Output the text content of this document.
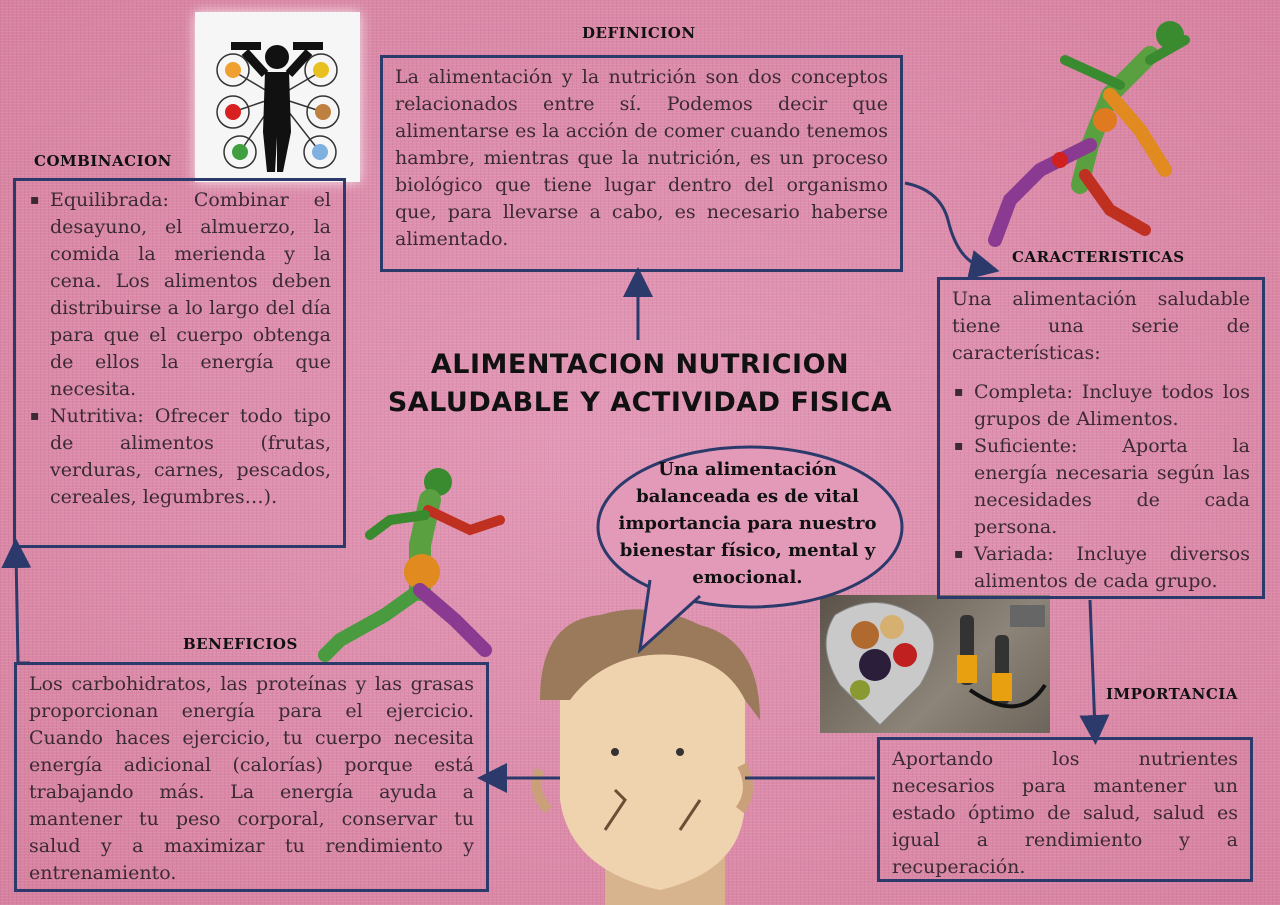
DEFINICION
COMBINACION
CARACTERISTICAS
BENEFICIOS
IMPORTANCIA
La alimentación y la nutrición son dos conceptos relacionados entre sí. Podemos decir que alimentarse es la acción de comer cuando tenemos hambre, mientras que la nutrición, es un proceso biológico que tiene lugar dentro del organismo que, para llevarse a cabo, es necesario haberse alimentado.
▪ Equilibrada: Combinar el desayuno, el almuerzo, la comida la merienda y la cena. Los alimentos deben distribuirse a lo largo del día para que el cuerpo obtenga de ellos la energía que necesita.
▪ Nutritiva: Ofrecer todo tipo de alimentos (frutas, verduras, carnes, pescados, cereales, legumbres…).
Una alimentación saludable tiene una serie de características:
▪ Completa: Incluye todos los grupos de Alimentos.
▪ Suficiente: Aporta la energía necesaria según las necesidades de cada persona.
▪ Variada: Incluye diversos alimentos de cada grupo.
Los carbohidratos, las proteínas y las grasas proporcionan energía para el ejercicio. Cuando haces ejercicio, tu cuerpo necesita energía adicional (calorías) porque está trabajando más. La energía ayuda a mantener tu peso corporal, conservar tu salud y a maximizar tu rendimiento y entrenamiento.
Aportando los nutrientes necesarios para mantener un estado óptimo de salud, salud es igual a rendimiento y a recuperación.
ALIMENTACION NUTRICION SALUDABLE Y ACTIVIDAD FISICA
Una alimentación balanceada es de vital importancia para nuestro bienestar físico, mental y emocional.
